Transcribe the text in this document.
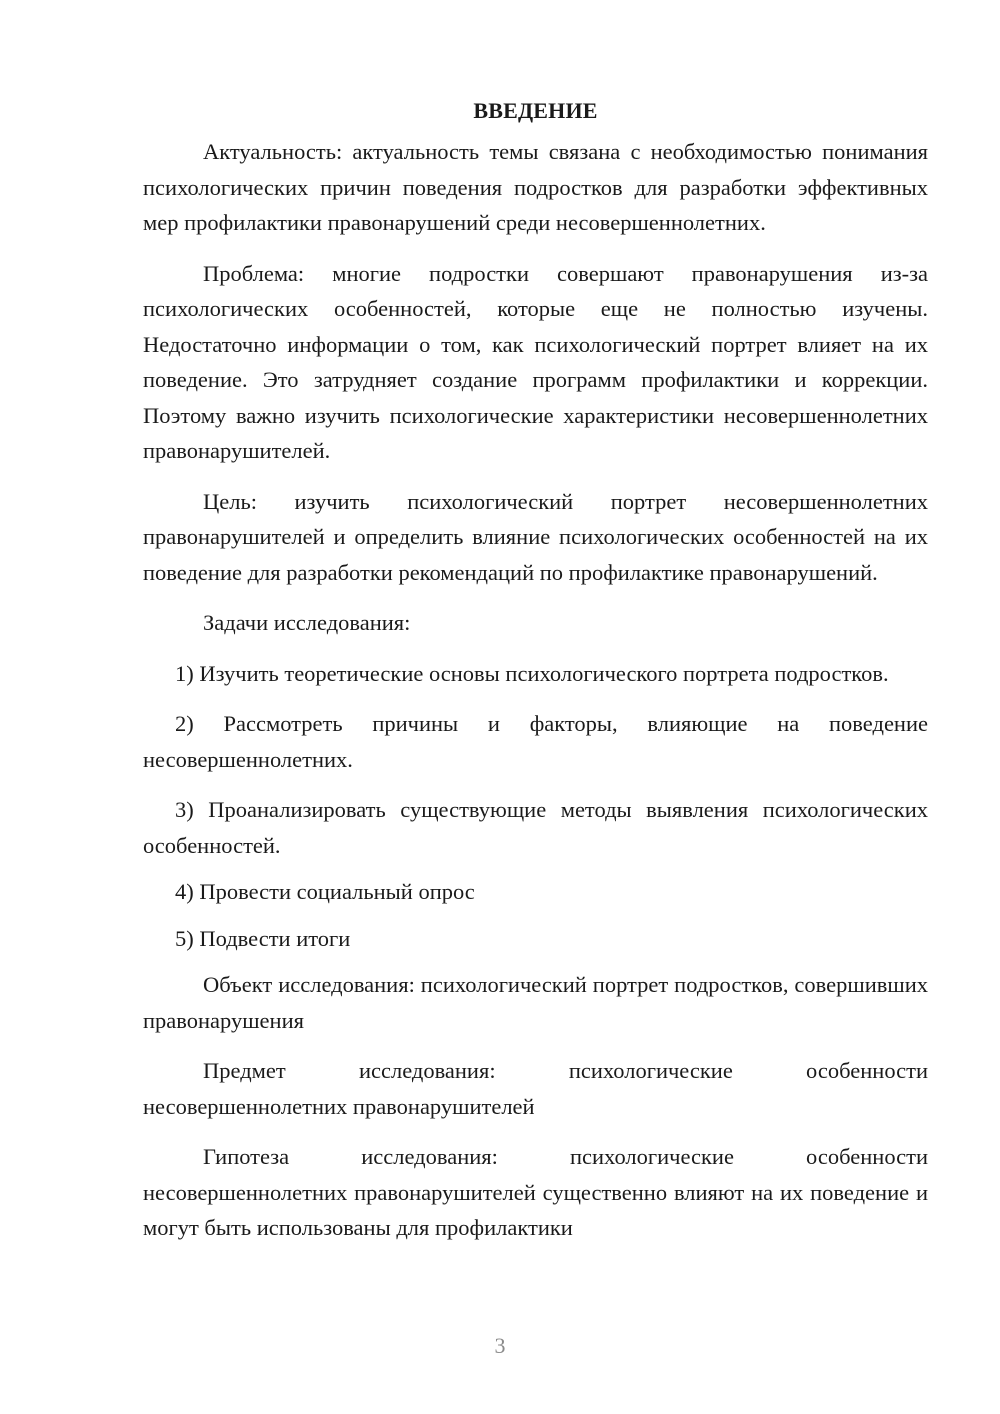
ВВЕДЕНИЕ

Актуальность: актуальность темы связана с необходимостью понимания психологических причин поведения подростков для разработки эффективных мер профилактики правонарушений среди несовершеннолетних.

Проблема: многие подростки совершают правонарушения из-за психологических особенностей, которые еще не полностью изучены. Недостаточно информации о том, как психологический портрет влияет на их поведение. Это затрудняет создание программ профилактики и коррекции. Поэтому важно изучить психологические характеристики несовершеннолетних правонарушителей.

Цель: изучить психологический портрет несовершеннолетних правонарушителей и определить влияние психологических особенностей на их поведение для разработки рекомендаций по профилактике правонарушений.

Задачи исследования:

1) Изучить теоретические основы психологического портрета подростков.

2) Рассмотреть причины и факторы, влияющие на поведение несовершеннолетних.

3) Проанализировать существующие методы выявления психологических особенностей.

4) Провести социальный опрос

5) Подвести итоги

Объект исследования: психологический портрет подростков, совершивших правонарушения

Предмет исследования: психологические особенности несовершеннолетних правонарушителей

Гипотеза исследования: психологические особенности несовершеннолетних правонарушителей существенно влияют на их поведение и могут быть использованы для профилактики

3
